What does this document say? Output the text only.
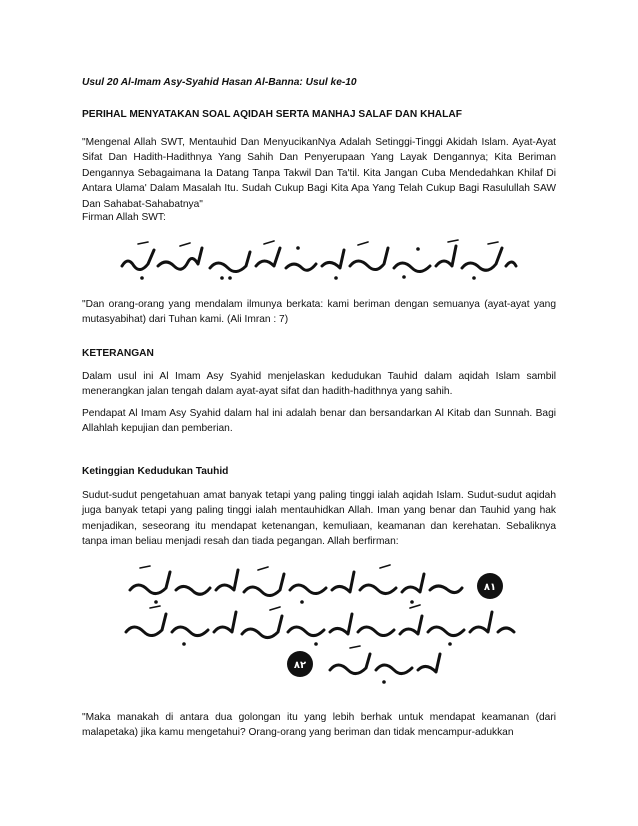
Usul 20 Al-Imam Asy-Syahid Hasan Al-Banna: Usul ke-10
PERIHAL MENYATAKAN SOAL AQIDAH SERTA MANHAJ SALAF DAN KHALAF
"Mengenal Allah SWT, Mentauhid Dan MenyucikanNya Adalah Setinggi-Tinggi Akidah Islam. Ayat-Ayat Sifat Dan Hadith-Hadithnya Yang Sahih Dan Penyerupaan Yang Layak Dengannya; Kita Beriman Dengannya Sebagaimana Ia Datang Tanpa Takwil Dan Ta'til. Kita Jangan Cuba Mendedahkan Khilaf Di Antara Ulama' Dalam Masalah Itu. Sudah Cukup Bagi Kita Apa Yang Telah Cukup Bagi Rasulullah SAW Dan Sahabat-Sahabatnya"
Firman Allah SWT:
"Dan orang-orang yang mendalam ilmunya berkata: kami beriman dengan semuanya (ayat-ayat yang mutasyabihat) dari Tuhan kami. (Ali Imran : 7)
KETERANGAN
Dalam usul ini Al Imam Asy Syahid menjelaskan kedudukan Tauhid dalam aqidah Islam sambil menerangkan jalan tengah dalam ayat-ayat sifat dan hadith-hadithnya yang sahih.
Pendapat Al Imam Asy Syahid dalam hal ini adalah benar dan bersandarkan Al Kitab dan Sunnah. Bagi Allahlah kepujian dan pemberian.
Ketinggian Kedudukan Tauhid
Sudut-sudut pengetahuan amat banyak tetapi yang paling tinggi ialah aqidah Islam. Sudut-sudut aqidah juga banyak tetapi yang paling tinggi ialah mentauhidkan Allah. Iman yang benar dan Tauhid yang hak menjadikan, seseorang itu mendapat ketenangan, kemuliaan, keamanan dan kerehatan. Sebaliknya tanpa iman beliau menjadi resah dan tiada pegangan. Allah berfirman:
٨١
٨٢
"Maka manakah di antara dua golongan itu yang lebih berhak untuk mendapat keamanan (dari malapetaka) jika kamu mengetahui? Orang-orang yang beriman dan tidak mencampur-adukkan
